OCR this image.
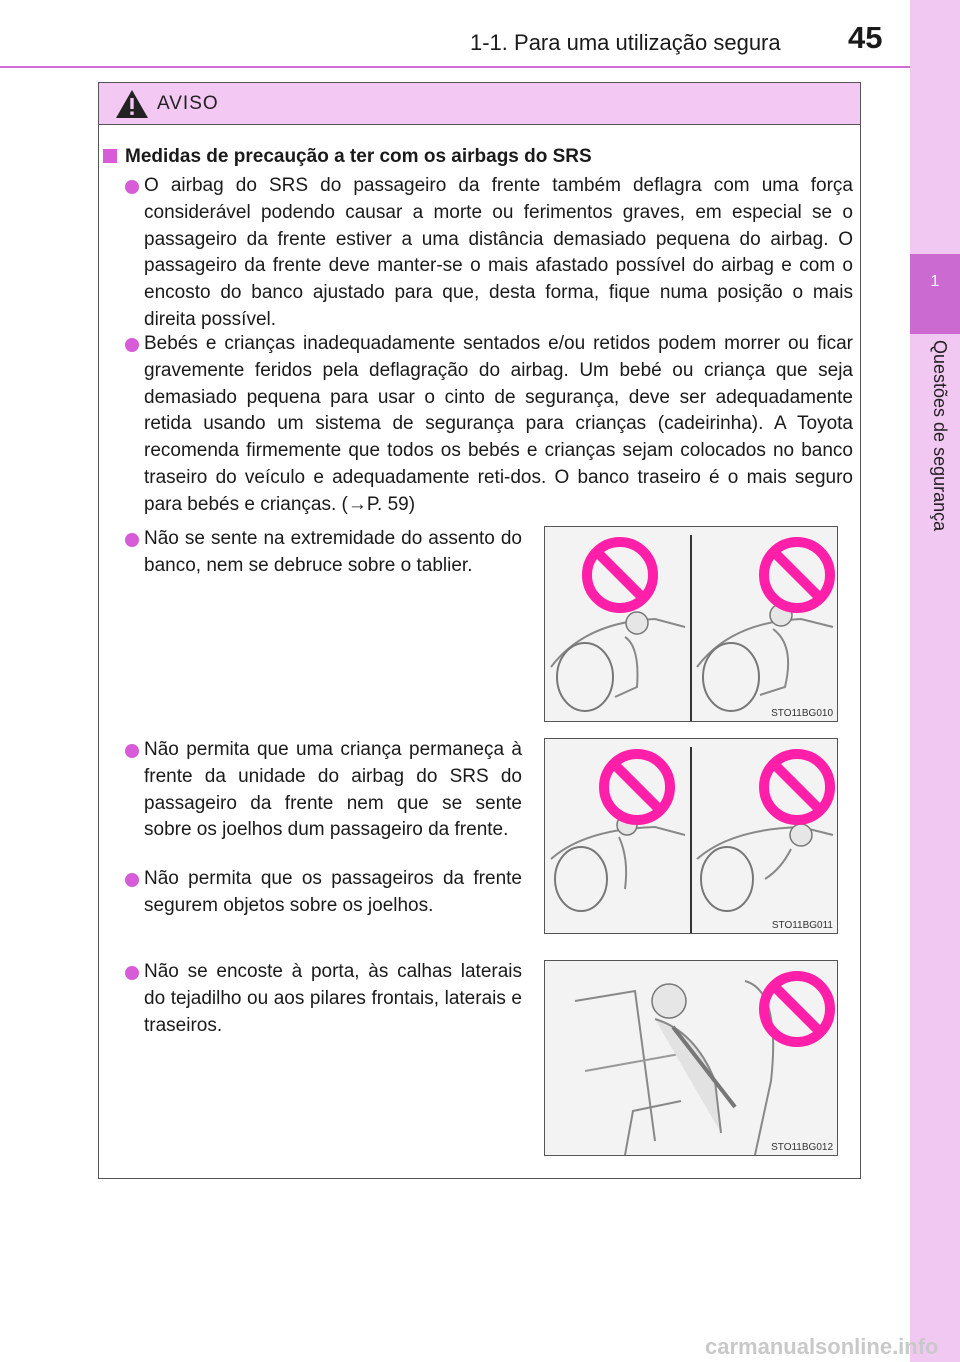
1-1. Para uma utilização segura 45
1
Questões de segurança
AVISO
Medidas de precaução a ter com os airbags do SRS
O airbag do SRS do passageiro da frente também deflagra com uma força considerável podendo causar a morte ou ferimentos graves, em especial se o passageiro da frente estiver a uma distância demasiado pequena do airbag. O passageiro da frente deve manter-se o mais afastado possível do airbag e com o encosto do banco ajustado para que, desta forma, fique numa posição o mais direita possível.
Bebés e crianças inadequadamente sentados e/ou retidos podem morrer ou ficar gravemente feridos pela deflagração do airbag. Um bebé ou criança que seja demasiado pequena para usar o cinto de segurança, deve ser adequadamente retida usando um sistema de segurança para crianças (cadeirinha). A Toyota recomenda firmemente que todos os bebés e crianças sejam colocados no banco traseiro do veículo e adequadamente reti-dos. O banco traseiro é o mais seguro para bebés e crianças. (→P. 59)
Não se sente na extremidade do assento do banco, nem se debruce sobre o tablier.
Não permita que uma criança permaneça à frente da unidade do airbag do SRS do passageiro da frente nem que se sente sobre os joelhos dum passageiro da frente.
Não permita que os passageiros da frente segurem objetos sobre os joelhos.
Não se encoste à porta, às calhas laterais do tejadilho ou aos pilares frontais, laterais e traseiros.
STO11BG010
STO11BG011
STO11BG012
carmanualsonline.info
